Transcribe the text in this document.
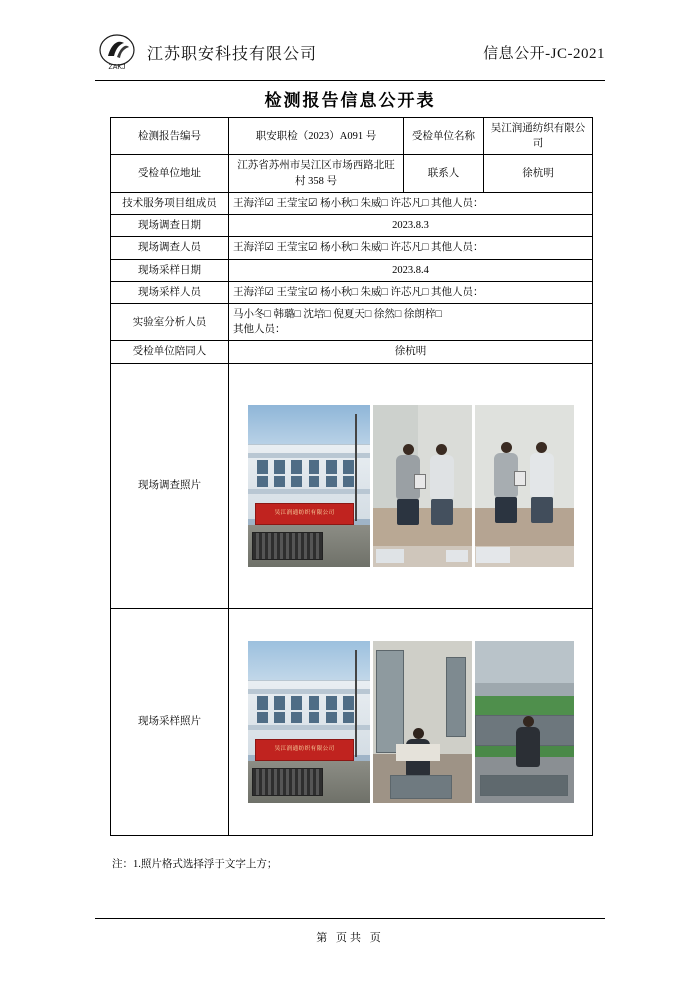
ZAKJ
江苏职安科技有限公司	信息公开-JC-2021
检测报告信息公开表
检测报告编号	职安职检（2023）A091 号	受检单位名称	吴江润通纺织有限公司
受检单位地址	江苏省苏州市吴江区市场西路北旺村 358 号	联系人	徐杭明
技术服务项目组成员	王海洋☑ 王莹宝☑ 杨小秋□ 朱威□ 许芯凡□ 其他人员：		
现场调查日期	2023.8.3		
现场调查人员	王海洋☑ 王莹宝☑ 杨小秋□ 朱威□ 许芯凡□ 其他人员：		
现场采样日期	2023.8.4		
现场采样人员	王海洋☑ 王莹宝☑ 杨小秋□ 朱威□ 许芯凡□ 其他人员：		
实验室分析人员	马小冬□ 韩璐□ 沈培□ 倪夏天□ 徐然□ 徐朗梓□
其他人员：		

受检单位陪同人	徐杭明		
现场调查照片	吴江润通纺织有限公司		

现场采样照片	吴江润通纺织有限公司		
注：1.照片格式选择浮于文字上方；
第 页共 页
